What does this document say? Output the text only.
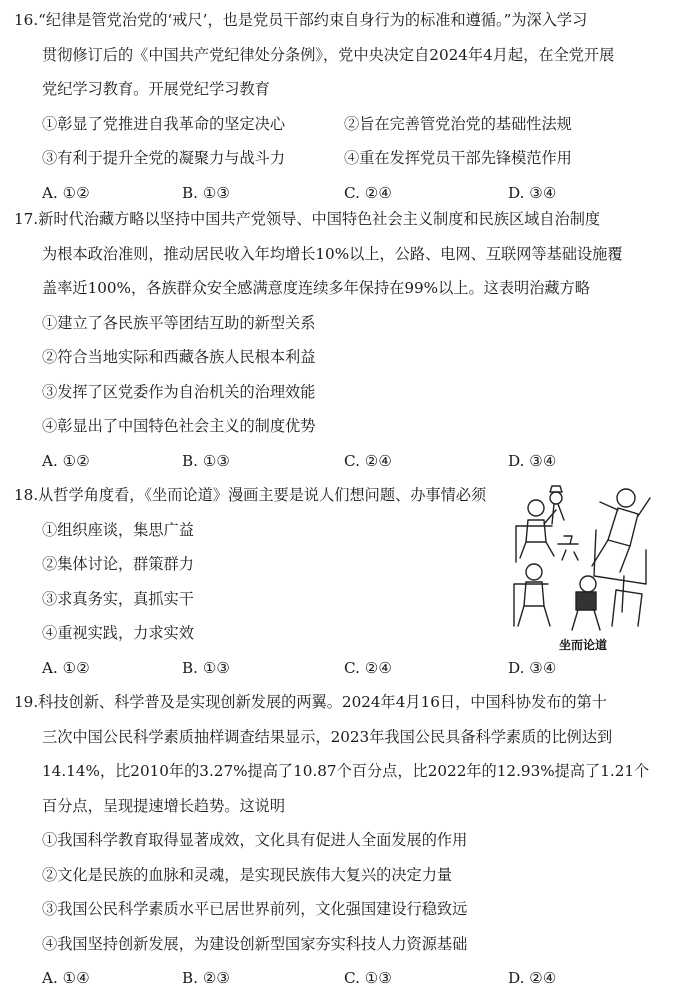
16.“纪律是管党治党的‘戒尺’，也是党员干部约束自身行为的标准和遵循。”为深入学习
贯彻修订后的《中国共产党纪律处分条例》，党中央决定自2024年4月起，在全党开展
党纪学习教育。开展党纪学习教育
①彰显了党推进自我革命的坚定决心	②旨在完善管党治党的基础性法规
③有利于提升全党的凝聚力与战斗力	④重在发挥党员干部先锋模范作用
A. ①②	B. ①③	C. ②④	D. ③④
17.新时代治藏方略以坚持中国共产党领导、中国特色社会主义制度和民族区域自治制度
为根本政治准则，推动居民收入年均增长10%以上，公路、电网、互联网等基础设施覆
盖率近100%，各族群众安全感满意度连续多年保持在99%以上。这表明治藏方略
①建立了各民族平等团结互助的新型关系
②符合当地实际和西藏各族人民根本利益
③发挥了区党委作为自治机关的治理效能
④彰显出了中国特色社会主义的制度优势
A. ①②	B. ①③	C. ②④	D. ③④
18.从哲学角度看，《坐而论道》漫画主要是说人们想问题、办事情必须
①组织座谈，集思广益
②集体讨论，群策群力
③求真务实，真抓实干
④重视实践，力求实效
A. ①②	B. ①③	C. ②④	D. ③④
坐而论道
19.科技创新、科学普及是实现创新发展的两翼。2024年4月16日，中国科协发布的第十
三次中国公民科学素质抽样调查结果显示，2023年我国公民具备科学素质的比例达到
14.14%，比2010年的3.27%提高了10.87个百分点，比2022年的12.93%提高了1.21个
百分点，呈现提速增长趋势。这说明
①我国科学教育取得显著成效，文化具有促进人全面发展的作用
②文化是民族的血脉和灵魂，是实现民族伟大复兴的决定力量
③我国公民科学素质水平已居世界前列，文化强国建设行稳致远
④我国坚持创新发展，为建设创新型国家夯实科技人力资源基础
A. ①④	B. ②③	C. ①③	D. ②④
